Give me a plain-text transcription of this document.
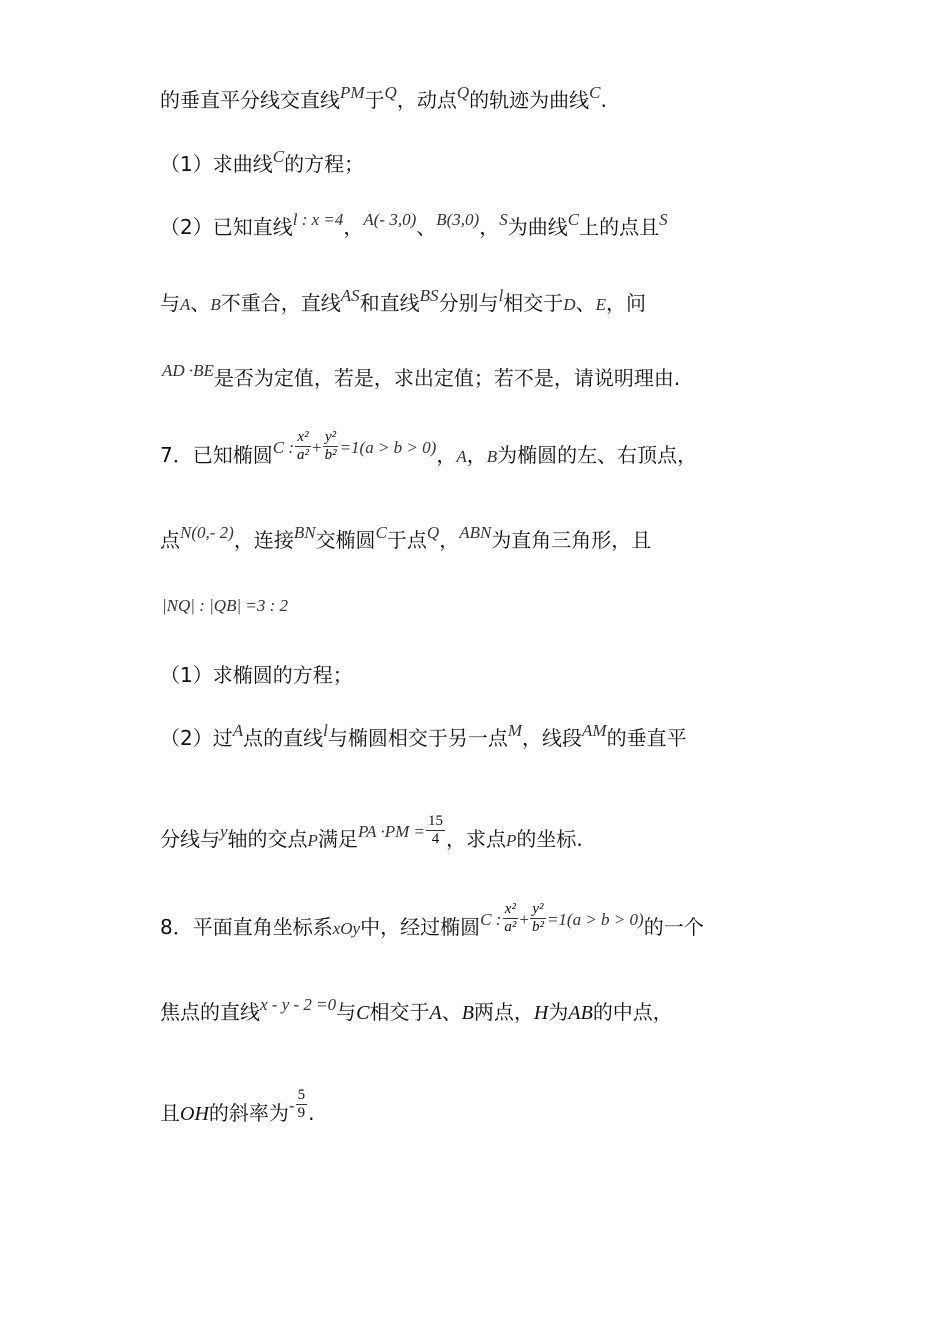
的垂直平分线交直线$^{PM}$于$^Q$，动点$^Q$的轨迹为曲线$^C$.
（1）求曲线$^C$的方程；
（2）已知直线$^{l : x =4}$，$^{A(- 3,0)}$、$^{B(3,0)}$，$^S$为曲线$^C$上的点且$^S$
与A、B不重合，直线$^{AS}$和直线$^{BS}$分别与$^l$相交于D、E，问
$^{AD \cdot BE}$是否为定值，若是，求出定值；若不是，请说明理由.
7．已知椭圆$^{C :} \frac{\text{x²}}{\text{a²}} ^+ \frac{\text{y²}}{\text{b²}} ^{=1(a > b > 0)}$，A，B为椭圆的左、右顶点，
点$^{N(0,- 2)}$，连接$^{BN}$交椭圆$^C$于点$^Q$，$^{ABN}$为直角三角形，且
|NQ| : |QB| =3 : 2
（1）求椭圆的方程；
（2）过$^A$点的直线$^l$与椭圆相交于另一点$^M$，线段$^{AM}$的垂直平
分线与$^y$轴的交点P满足$^{PA \cdot PM =} \frac{15}{4}$ ，求点P的坐标.
8．平面直角坐标系xOy中，经过椭圆$^{C :} \frac{\text{x²}}{\text{a²}} ^+ \frac{\text{y²}}{\text{b²}} ^{=1(a > b > 0)}$的一个
焦点的直线$^{x - y - 2 =0}$与C相交于A、B两点，H为AB的中点，
且OH的斜率为$^- \frac{5}{9}$ .
